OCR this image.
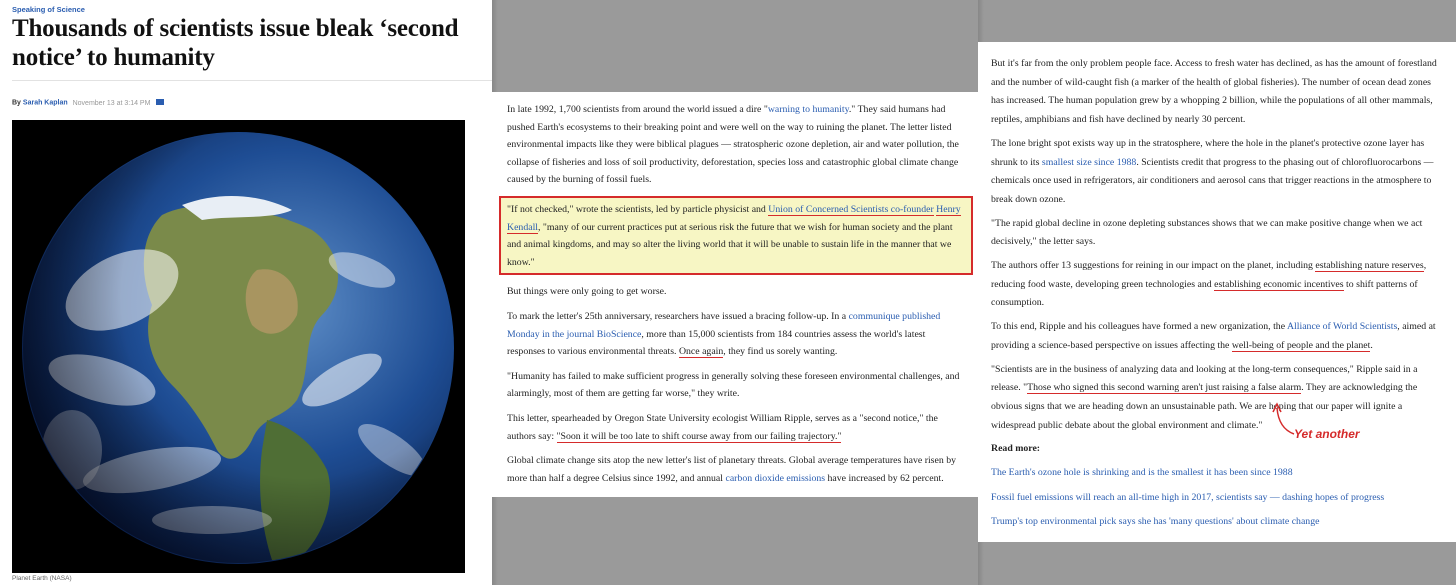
Speaking of Science
Thousands of scientists issue bleak ‘second notice’ to humanity
By Sarah Kaplan November 13 at 3:14 PM
Planet Earth (NASA)

In late 1992, 1,700 scientists from around the world issued a dire "warning to humanity." They said humans had pushed Earth's ecosystems to their breaking point and were well on the way to ruining the planet. The letter listed environmental impacts like they were biblical plagues — stratospheric ozone depletion, air and water pollution, the collapse of fisheries and loss of soil productivity, deforestation, species loss and catastrophic global climate change caused by the burning of fossil fuels.

"If not checked," wrote the scientists, led by particle physicist and Union of Concerned Scientists co-founder Henry Kendall, "many of our current practices put at serious risk the future that we wish for human society and the plant and animal kingdoms, and may so alter the living world that it will be unable to sustain life in the manner that we know."

But things were only going to get worse.

To mark the letter's 25th anniversary, researchers have issued a bracing follow-up. In a communique published Monday in the journal BioScience, more than 15,000 scientists from 184 countries assess the world's latest responses to various environmental threats. Once again, they find us sorely wanting.

"Humanity has failed to make sufficient progress in generally solving these foreseen environmental challenges, and alarmingly, most of them are getting far worse," they write.

This letter, spearheaded by Oregon State University ecologist William Ripple, serves as a "second notice," the authors say: "Soon it will be too late to shift course away from our failing trajectory."

Global climate change sits atop the new letter's list of planetary threats. Global average temperatures have risen by more than half a degree Celsius since 1992, and annual carbon dioxide emissions have increased by 62 percent.

But it's far from the only problem people face. Access to fresh water has declined, as has the amount of forestland and the number of wild-caught fish (a marker of the health of global fisheries). The number of ocean dead zones has increased. The human population grew by a whopping 2 billion, while the populations of all other mammals, reptiles, amphibians and fish have declined by nearly 30 percent.

The lone bright spot exists way up in the stratosphere, where the hole in the planet's protective ozone layer has shrunk to its smallest size since 1988. Scientists credit that progress to the phasing out of chlorofluorocarbons — chemicals once used in refrigerators, air conditioners and aerosol cans that trigger reactions in the atmosphere to break down ozone.

"The rapid global decline in ozone depleting substances shows that we can make positive change when we act decisively," the letter says.

The authors offer 13 suggestions for reining in our impact on the planet, including establishing nature reserves, reducing food waste, developing green technologies and establishing economic incentives to shift patterns of consumption.

To this end, Ripple and his colleagues have formed a new organization, the Alliance of World Scientists, aimed at providing a science-based perspective on issues affecting the well-being of people and the planet.

"Scientists are in the business of analyzing data and looking at the long-term consequences," Ripple said in a release. "Those who signed this second warning aren't just raising a false alarm. They are acknowledging the obvious signs that we are heading down an unsustainable path. We are hoping that our paper will ignite a widespread public debate about the global environment and climate."

Read more:

The Earth's ozone hole is shrinking and is the smallest it has been since 1988

Fossil fuel emissions will reach an all-time high in 2017, scientists say — dashing hopes of progress

Trump's top environmental pick says she has 'many questions' about climate change

Yet another
